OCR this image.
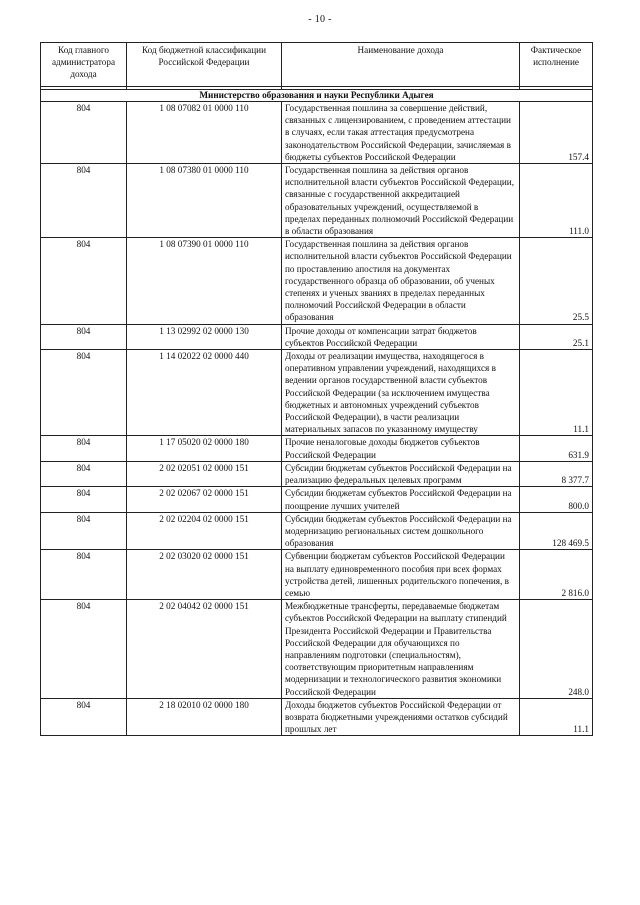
- 10 -
Код главного администратора дохода	Код бюджетной классификации Российской Федерации	Наименование дохода	Фактическое исполнение

Министерство образования и науки Республики Адыгея			
804	1 08 07082 01 0000 110	Государственная пошлина за совершение действий, связанных с лицензированием, с проведением аттестации в случаях, если такая аттестация предусмотрена законодательством Российской Федерации, зачисляемая в бюджеты субъектов Российской Федерации	157.4
804	1 08 07380 01 0000 110	Государственная пошлина за действия органов исполнительной власти субъектов Российской Федерации, связанные с государственной аккредитацией образовательных учреждений, осуществляемой в пределах переданных полномочий Российской Федерации в области образования	111.0
804	1 08 07390 01 0000 110	Государственная пошлина за действия органов исполнительной власти субъектов Российской Федерации по проставлению апостиля на документах государственного образца об образовании, об ученых степенях и ученых званиях в пределах переданных полномочий Российской Федерации в области образования	25.5
804	1 13 02992 02 0000 130	Прочие доходы от компенсации затрат бюджетов субъектов Российской Федерации	25.1
804	1 14 02022 02 0000 440	Доходы от реализации имущества, находящегося в оперативном управлении учреждений, находящихся в ведении органов государственной власти субъектов Российской Федерации (за исключением имущества бюджетных и автономных учреждений субъектов Российской Федерации), в части реализации материальных запасов по указанному имуществу	11.1
804	1 17 05020 02 0000 180	Прочие неналоговые доходы бюджетов субъектов Российской Федерации	631.9
804	2 02 02051 02 0000 151	Субсидии бюджетам субъектов Российской Федерации на реализацию федеральных целевых программ	8 377.7
804	2 02 02067 02 0000 151	Субсидии бюджетам субъектов Российской Федерации на поощрение лучших учителей	800.0
804	2 02 02204 02 0000 151	Субсидии бюджетам субъектов Российской Федерации на модернизацию региональных систем дошкольного образования	128 469.5
804	2 02 03020 02 0000 151	Субвенции бюджетам субъектов Российской Федерации на выплату единовременного пособия при всех формах устройства детей, лишенных родительского попечения, в семью	2 816.0
804	2 02 04042 02 0000 151	Межбюджетные трансферты, передаваемые бюджетам субъектов Российской Федерации на выплату стипендий Президента Российской Федерации и Правительства Российской Федерации для обучающихся по направлениям подготовки (специальностям), соответствующим приоритетным направлениям модернизации и технологического развития экономики Российской Федерации	248.0
804	2 18 02010 02 0000 180	Доходы бюджетов субъектов Российской Федерации от возврата бюджетными учреждениями остатков субсидий прошлых лет	11.1
